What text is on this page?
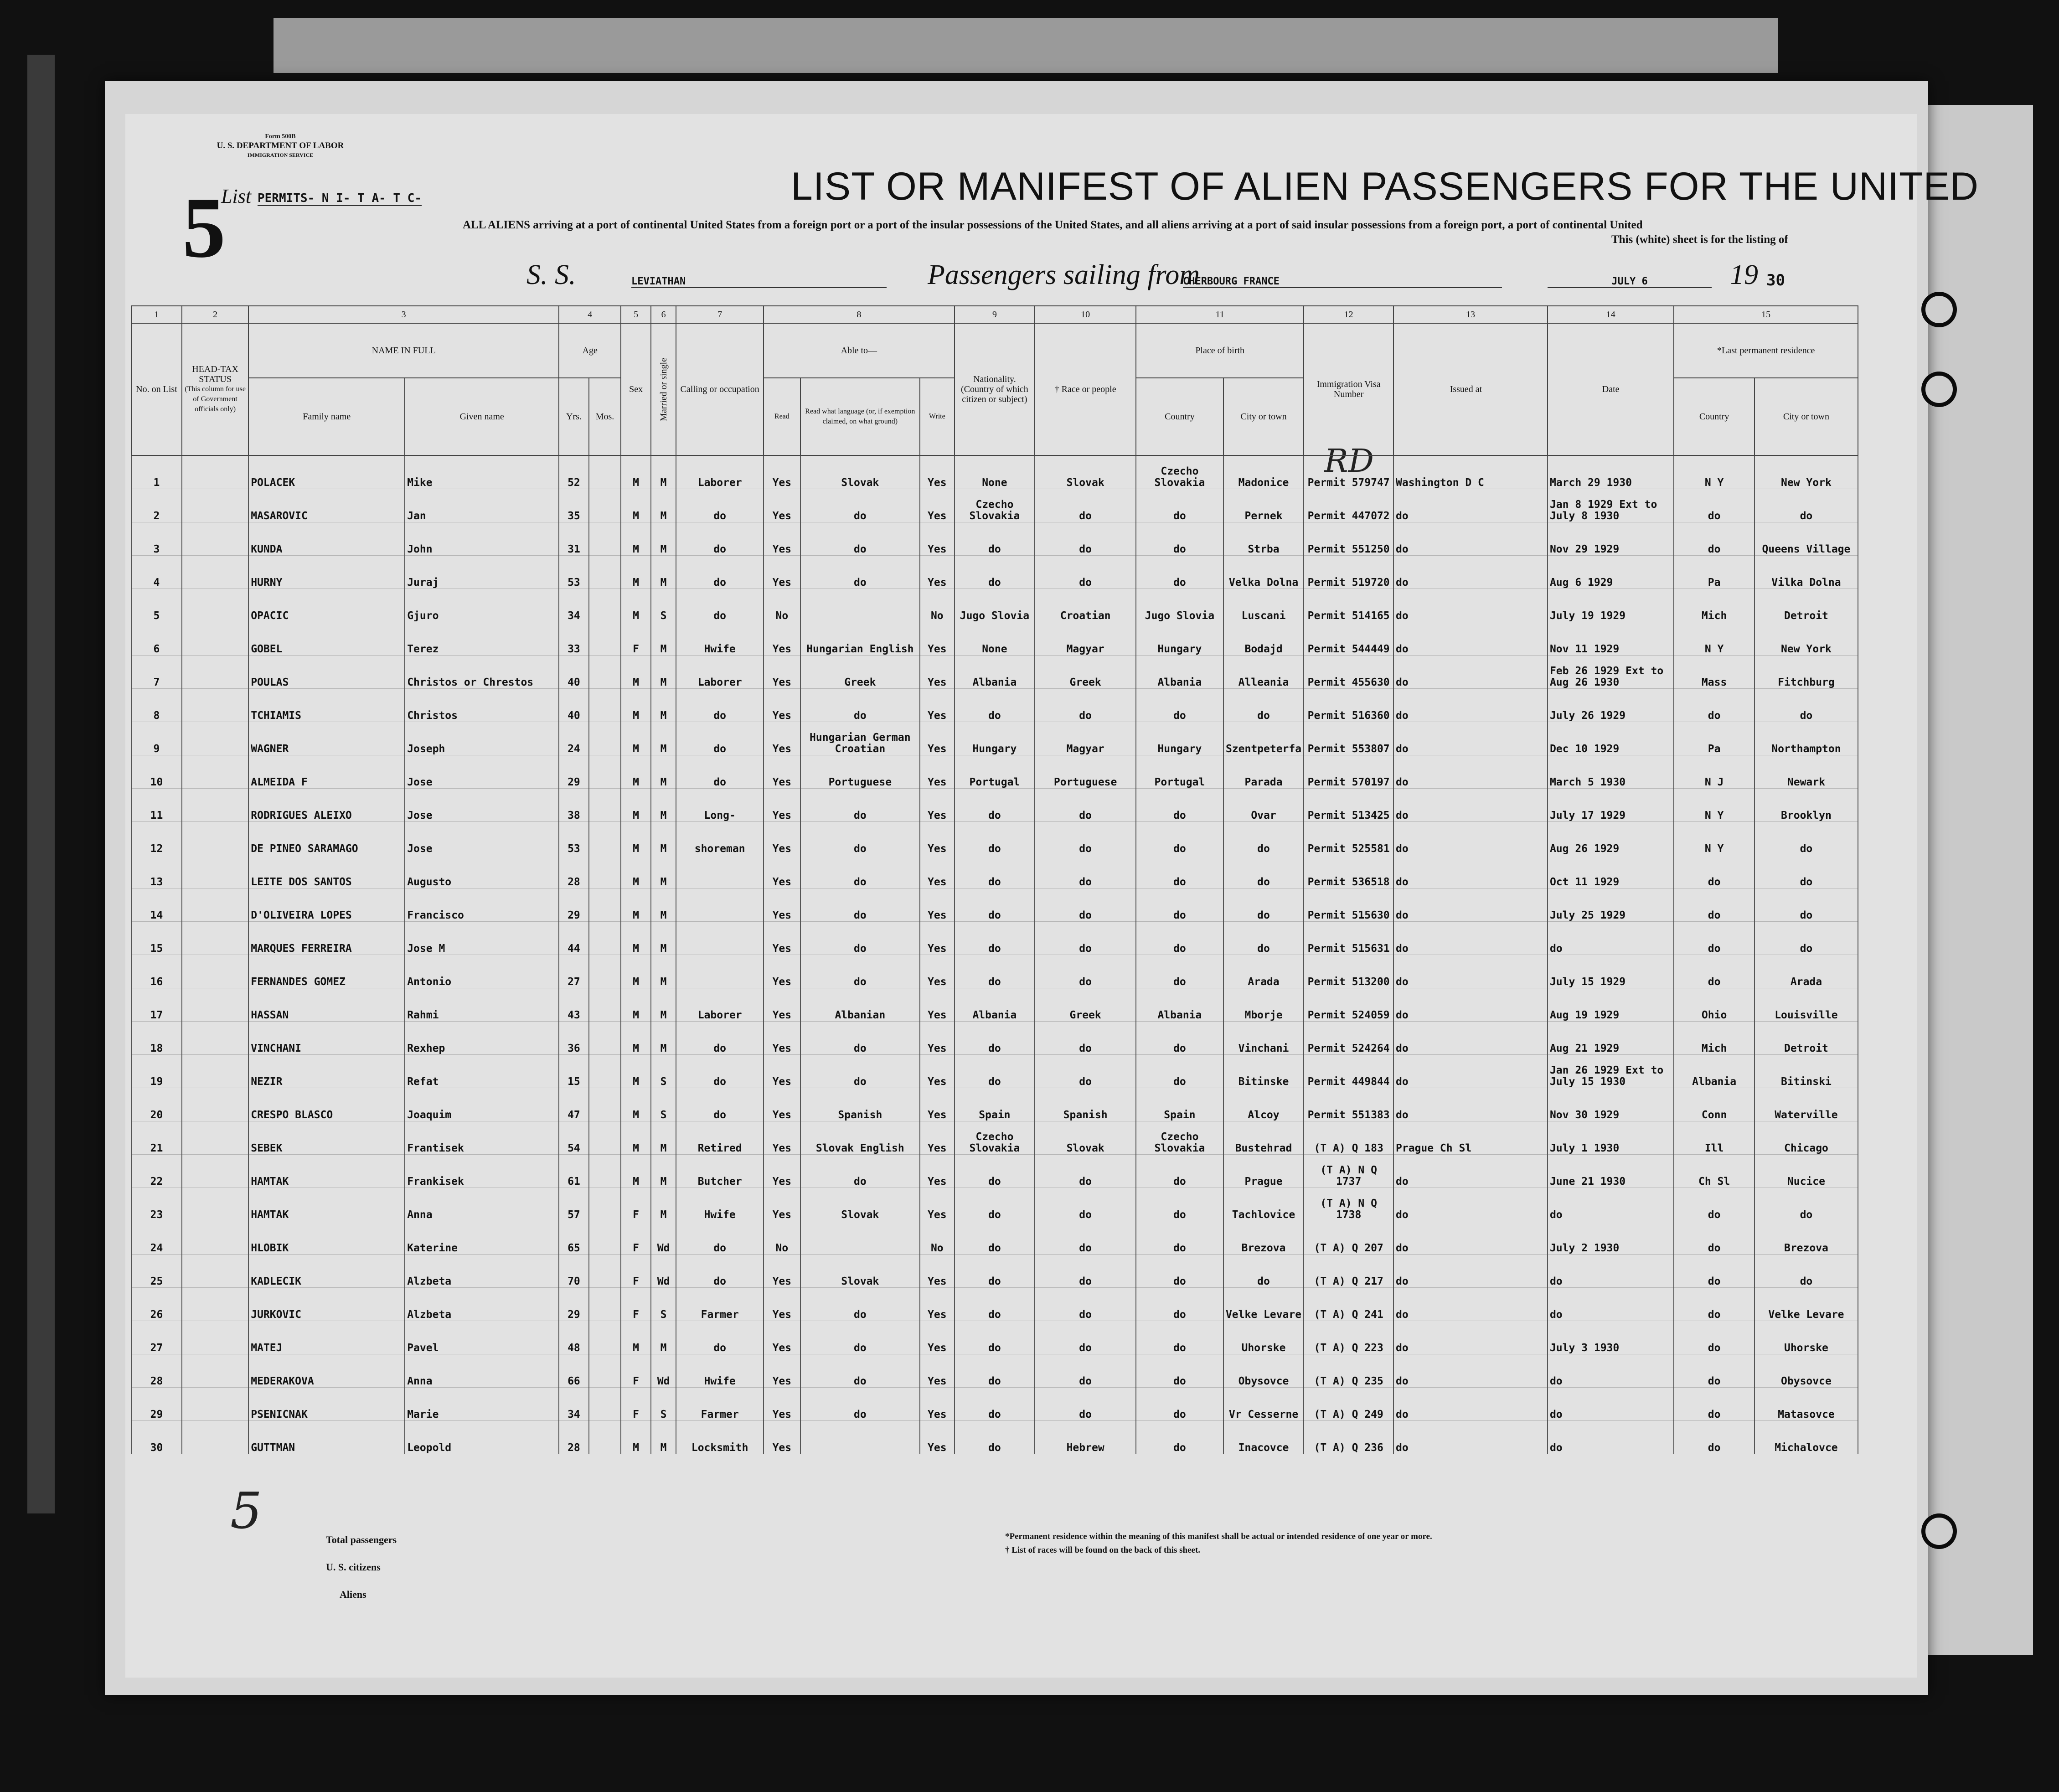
Form 500B
U. S. DEPARTMENT OF LABOR
IMMIGRATION SERVICE
5
List PERMITS- N I- T A- T C-	LIST OR MANIFEST OF ALIEN PASSENGERS FOR THE UNITED
ALL ALIENS arriving at a port of continental United States from a foreign port or a port of the insular possessions of the United States, and all aliens arriving at a port of said insular possessions from a foreign port, a port of continental United
This (white) sheet is for the listing of
S. S.	LEVIATHAN	Passengers sailing from
CHERBOURG FRANCE	JULY 6	19 30
RD
1	2	3		4		5	6	7	8			9	10	11		12	13	14	15	
No. on List	HEAD-TAX STATUS
(This column for use of Government officials only)	NAME IN FULL		Age		Sex	Married or single	Calling or occupation	Able to—			Nationality. (Country of which citizen or subject)	† Race or people	Place of birth		Immigration Visa Number	Issued at—	Date	*Last permanent residence	
		Family name	Given name	Yrs.	Mos.				Read	Read what language (or, if exemption claimed, on what ground)	Write			Country	City or town				Country	City or town
1		POLACEK	Mike	52		M	M	Laborer	Yes	Slovak	Yes	None	Slovak	Czecho Slovakia	Madonice	Permit 579747	Washington D C	March 29 1930	N Y	New York
2		MASAROVIC	Jan	35		M	M	do	Yes	do	Yes	Czecho Slovakia	do	do	Pernek	Permit 447072	do	Jan 8 1929 Ext to July 8 1930	do	do
3		KUNDA	John	31		M	M	do	Yes	do	Yes	do	do	do	Strba	Permit 551250	do	Nov 29 1929	do	Queens Village
4		HURNY	Juraj	53		M	M	do	Yes	do	Yes	do	do	do	Velka Dolna	Permit 519720	do	Aug 6 1929	Pa	Vilka Dolna
5		OPACIC	Gjuro	34		M	S	do	No		No	Jugo Slovia	Croatian	Jugo Slovia	Luscani	Permit 514165	do	July 19 1929	Mich	Detroit
6		GOBEL	Terez	33		F	M	Hwife	Yes	Hungarian English	Yes	None	Magyar	Hungary	Bodajd	Permit 544449	do	Nov 11 1929	N Y	New York
7		POULAS	Christos or Chrestos	40		M	M	Laborer	Yes	Greek	Yes	Albania	Greek	Albania	Alleania	Permit 455630	do	Feb 26 1929 Ext to Aug 26 1930	Mass	Fitchburg
8		TCHIAMIS	Christos	40		M	M	do	Yes	do	Yes	do	do	do	do	Permit 516360	do	July 26 1929	do	do
9		WAGNER	Joseph	24		M	M	do	Yes	Hungarian German Croatian	Yes	Hungary	Magyar	Hungary	Szentpeterfa	Permit 553807	do	Dec 10 1929	Pa	Northampton
10		ALMEIDA F	Jose	29		M	M	do	Yes	Portuguese	Yes	Portugal	Portuguese	Portugal	Parada	Permit 570197	do	March 5 1930	N J	Newark
11		RODRIGUES ALEIXO	Jose	38		M	M	Long-	Yes	do	Yes	do	do	do	Ovar	Permit 513425	do	July 17 1929	N Y	Brooklyn
12		DE PINEO SARAMAGO	Jose	53		M	M	shoreman	Yes	do	Yes	do	do	do	do	Permit 525581	do	Aug 26 1929	N Y	do
13		LEITE DOS SANTOS	Augusto	28		M	M		Yes	do	Yes	do	do	do	do	Permit 536518	do	Oct 11 1929	do	do
14		D'OLIVEIRA LOPES	Francisco	29		M	M		Yes	do	Yes	do	do	do	do	Permit 515630	do	July 25 1929	do	do
15		MARQUES FERREIRA	Jose M	44		M	M		Yes	do	Yes	do	do	do	do	Permit 515631	do	do	do	do
16		FERNANDES GOMEZ	Antonio	27		M	M		Yes	do	Yes	do	do	do	Arada	Permit 513200	do	July 15 1929	do	Arada
17		HASSAN	Rahmi	43		M	M	Laborer	Yes	Albanian	Yes	Albania	Greek	Albania	Mborje	Permit 524059	do	Aug 19 1929	Ohio	Louisville
18		VINCHANI	Rexhep	36		M	M	do	Yes	do	Yes	do	do	do	Vinchani	Permit 524264	do	Aug 21 1929	Mich	Detroit
19		NEZIR	Refat	15		M	S	do	Yes	do	Yes	do	do	do	Bitinske	Permit 449844	do	Jan 26 1929 Ext to July 15 1930	Albania	Bitinski
20		CRESPO BLASCO	Joaquim	47		M	S	do	Yes	Spanish	Yes	Spain	Spanish	Spain	Alcoy	Permit 551383	do	Nov 30 1929	Conn	Waterville
21		SEBEK	Frantisek	54		M	M	Retired	Yes	Slovak English	Yes	Czecho Slovakia	Slovak	Czecho Slovakia	Bustehrad	(T A) Q 183	Prague Ch Sl	July 1 1930	Ill	Chicago
22		HAMTAK	Frankisek	61		M	M	Butcher	Yes	do	Yes	do	do	do	Prague	(T A) N Q 1737	do	June 21 1930	Ch Sl	Nucice
23		HAMTAK	Anna	57		F	M	Hwife	Yes	Slovak	Yes	do	do	do	Tachlovice	(T A) N Q 1738	do	do	do	do
24		HLOBIK	Katerine	65		F	Wd	do	No		No	do	do	do	Brezova	(T A) Q 207	do	July 2 1930	do	Brezova
25		KADLECIK	Alzbeta	70		F	Wd	do	Yes	Slovak	Yes	do	do	do	do	(T A) Q 217	do	do	do	do
26		JURKOVIC	Alzbeta	29		F	S	Farmer	Yes	do	Yes	do	do	do	Velke Levare	(T A) Q 241	do	do	do	Velke Levare
27		MATEJ	Pavel	48		M	M	do	Yes	do	Yes	do	do	do	Uhorske	(T A) Q 223	do	July 3 1930	do	Uhorske
28		MEDERAKOVA	Anna	66		F	Wd	Hwife	Yes	do	Yes	do	do	do	Obysovce	(T A) Q 235	do	do	do	Obysovce
29		PSENICNAK	Marie	34		F	S	Farmer	Yes	do	Yes	do	do	do	Vr Cesserne	(T A) Q 249	do	do	do	Matasovce
30		GUTTMAN	Leopold	28		M	M	Locksmith	Yes		Yes	do	Hebrew	do	Inacovce	(T A) Q 236	do	do	do	Michalovce
5	Total passengers
U. S. citizens
Aliens
*Permanent residence within the meaning of this manifest shall be actual or intended residence of one year or more.
† List of races will be found on the back of this sheet.
